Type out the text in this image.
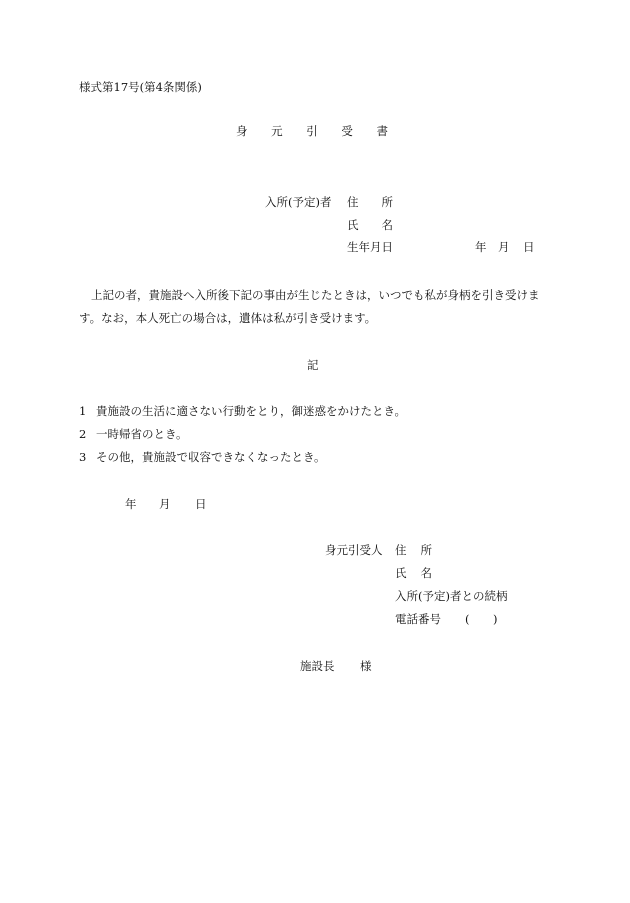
様式第17号(第4条関係)
身 元 引 受 書
入所(予定)者 住 所
氏 名
生年月日	年 月 日
上記の者，貴施設へ入所後下記の事由が生じたときは，いつでも私が身柄を引き受けま
す。なお，本人死亡の場合は，遺体は私が引き受けます。
記
1 貴施設の生活に適さない行動をとり，御迷惑をかけたとき。
2 一時帰省のとき。
3 その他，貴施設で収容できなくなったとき。
年 月 日
身元引受人 住 所
氏 名
入所(予定)者との続柄
電話番号 ( )
施設長 様
